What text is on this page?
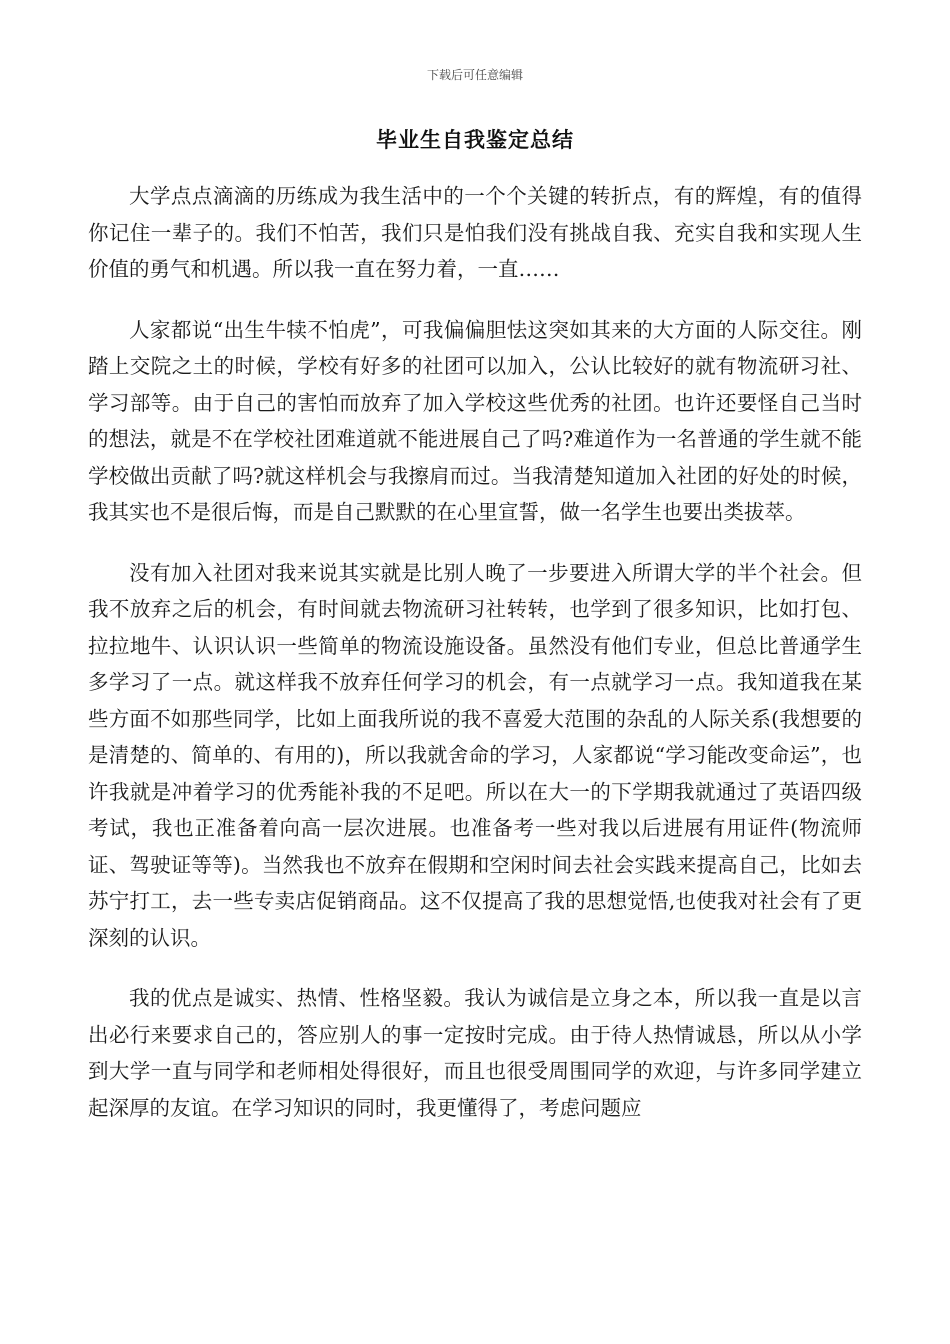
下载后可任意编辑
毕业生自我鉴定总结

大学点点滴滴的历练成为我生活中的一个个关键的转折点，有的辉煌，有的值得你记住一辈子的。我们不怕苦，我们只是怕我们没有挑战自我、充实自我和实现人生价值的勇气和机遇。所以我一直在努力着，一直……

人家都说“出生牛犊不怕虎”，可我偏偏胆怯这突如其来的大方面的人际交往。刚踏上交院之土的时候，学校有好多的社团可以加入，公认比较好的就有物流研习社、学习部等。由于自己的害怕而放弃了加入学校这些优秀的社团。也许还要怪自己当时的想法，就是不在学校社团难道就不能进展自己了吗?难道作为一名普通的学生就不能学校做出贡献了吗?就这样机会与我擦肩而过。当我清楚知道加入社团的好处的时候，我其实也不是很后悔，而是自己默默的在心里宣誓，做一名学生也要出类拔萃。

没有加入社团对我来说其实就是比别人晚了一步要进入所谓大学的半个社会。但我不放弃之后的机会，有时间就去物流研习社转转，也学到了很多知识，比如打包、拉拉地牛、认识认识一些简单的物流设施设备。虽然没有他们专业，但总比普通学生多学习了一点。就这样我不放弃任何学习的机会，有一点就学习一点。我知道我在某些方面不如那些同学，比如上面我所说的我不喜爱大范围的杂乱的人际关系(我想要的是清楚的、简单的、有用的)，所以我就舍命的学习，人家都说“学习能改变命运”，也许我就是冲着学习的优秀能补我的不足吧。所以在大一的下学期我就通过了英语四级考试，我也正准备着向高一层次进展。也准备考一些对我以后进展有用证件(物流师证、驾驶证等等)。当然我也不放弃在假期和空闲时间去社会实践来提高自己，比如去苏宁打工，去一些专卖店促销商品。这不仅提高了我的思想觉悟,也使我对社会有了更深刻的认识。

我的优点是诚实、热情、性格坚毅。我认为诚信是立身之本，所以我一直是以言出必行来要求自己的，答应别人的事一定按时完成。由于待人热情诚恳，所以从小学到大学一直与同学和老师相处得很好，而且也很受周围同学的欢迎，与许多同学建立起深厚的友谊。在学习知识的同时，我更懂得了，考虑问题应
